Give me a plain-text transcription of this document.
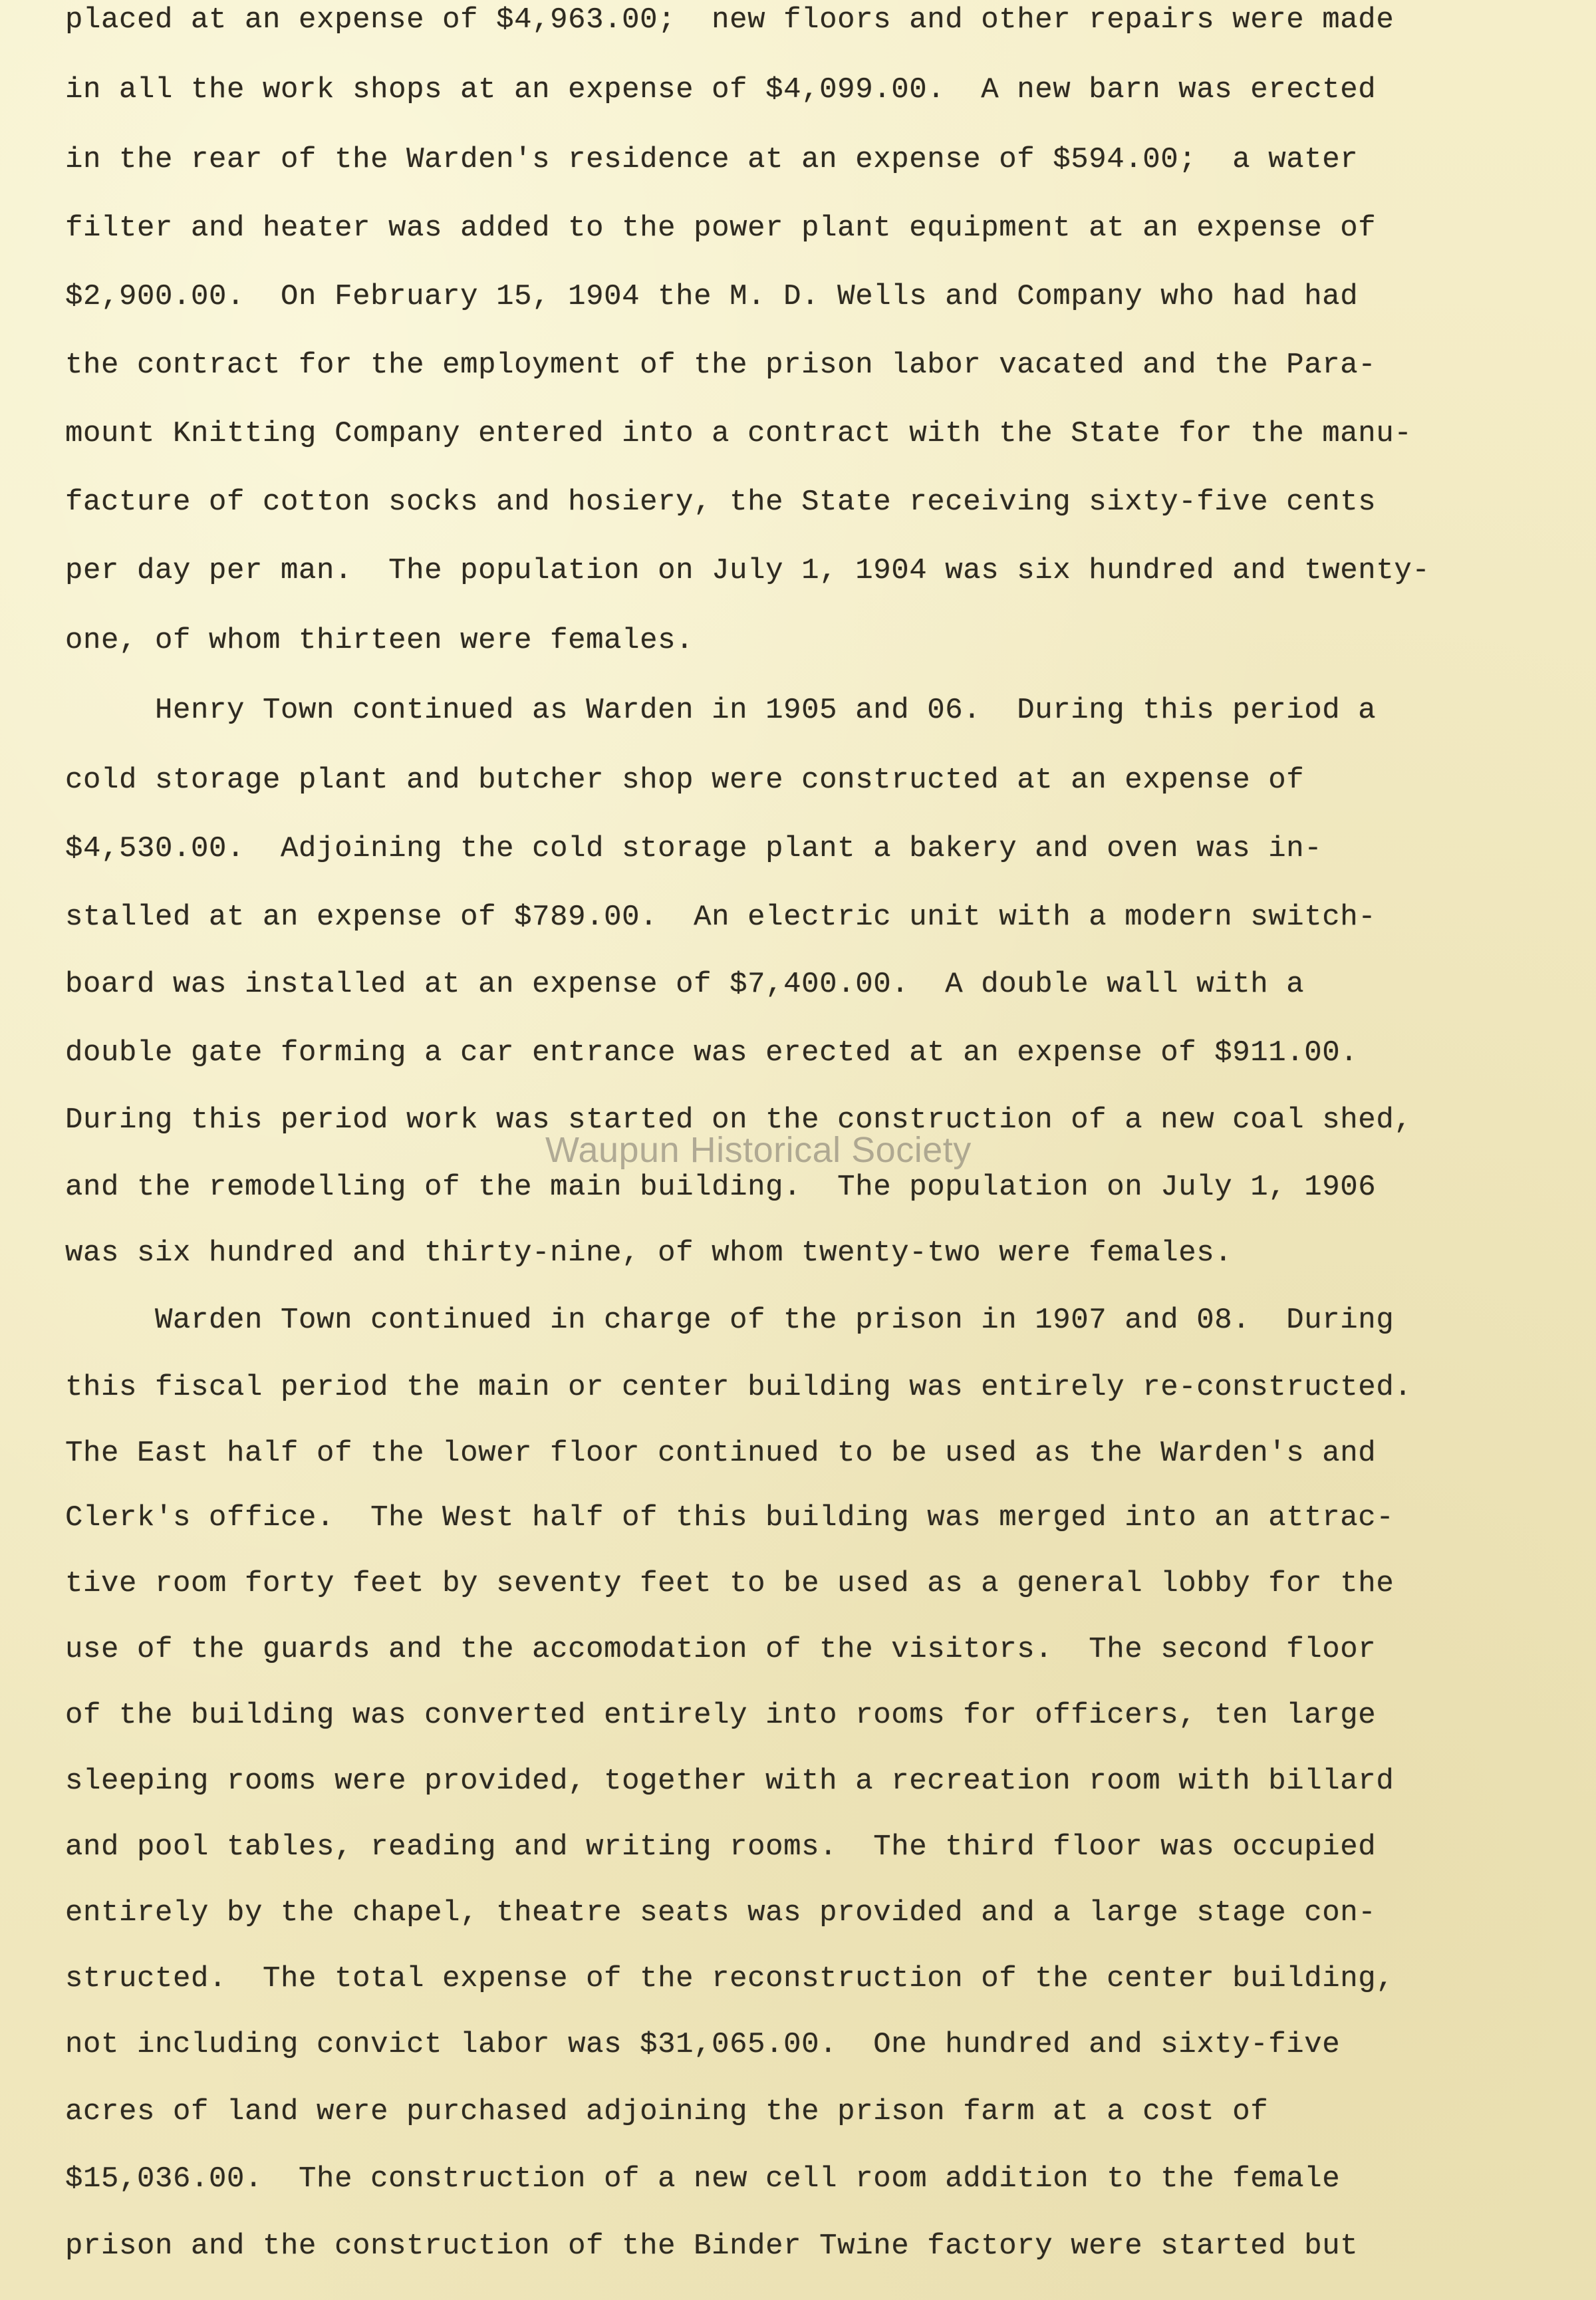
placed at an expense of $4,963.00;  new floors and other repairs were made
in all the work shops at an expense of $4,099.00.  A new barn was erected
in the rear of the Warden's residence at an expense of $594.00;  a water
filter and heater was added to the power plant equipment at an expense of
$2,900.00.  On February 15, 1904 the M. D. Wells and Company who had had
the contract for the employment of the prison labor vacated and the Para-
mount Knitting Company entered into a contract with the State for the manu-
facture of cotton socks and hosiery, the State receiving sixty-five cents
per day per man.  The population on July 1, 1904 was six hundred and twenty-
one, of whom thirteen were females.
Henry Town continued as Warden in 1905 and 06.  During this period a
cold storage plant and butcher shop were constructed at an expense of
$4,530.00.  Adjoining the cold storage plant a bakery and oven was in-
stalled at an expense of $789.00.  An electric unit with a modern switch-
board was installed at an expense of $7,400.00.  A double wall with a
double gate forming a car entrance was erected at an expense of $911.00.
During this period work was started on the construction of a new coal shed,
and the remodelling of the main building.  The population on July 1, 1906
was six hundred and thirty-nine, of whom twenty-two were females.
Warden Town continued in charge of the prison in 1907 and 08.  During
this fiscal period the main or center building was entirely re-constructed.
The East half of the lower floor continued to be used as the Warden's and
Clerk's office.  The West half of this building was merged into an attrac-
tive room forty feet by seventy feet to be used as a general lobby for the
use of the guards and the accomodation of the visitors.  The second floor
of the building was converted entirely into rooms for officers, ten large
sleeping rooms were provided, together with a recreation room with billard
and pool tables, reading and writing rooms.  The third floor was occupied
entirely by the chapel, theatre seats was provided and a large stage con-
structed.  The total expense of the reconstruction of the center building,
not including convict labor was $31,065.00.  One hundred and sixty-five
acres of land were purchased adjoining the prison farm at a cost of
$15,036.00.  The construction of a new cell room addition to the female
prison and the construction of the Binder Twine factory were started but
Waupun Historical Society
